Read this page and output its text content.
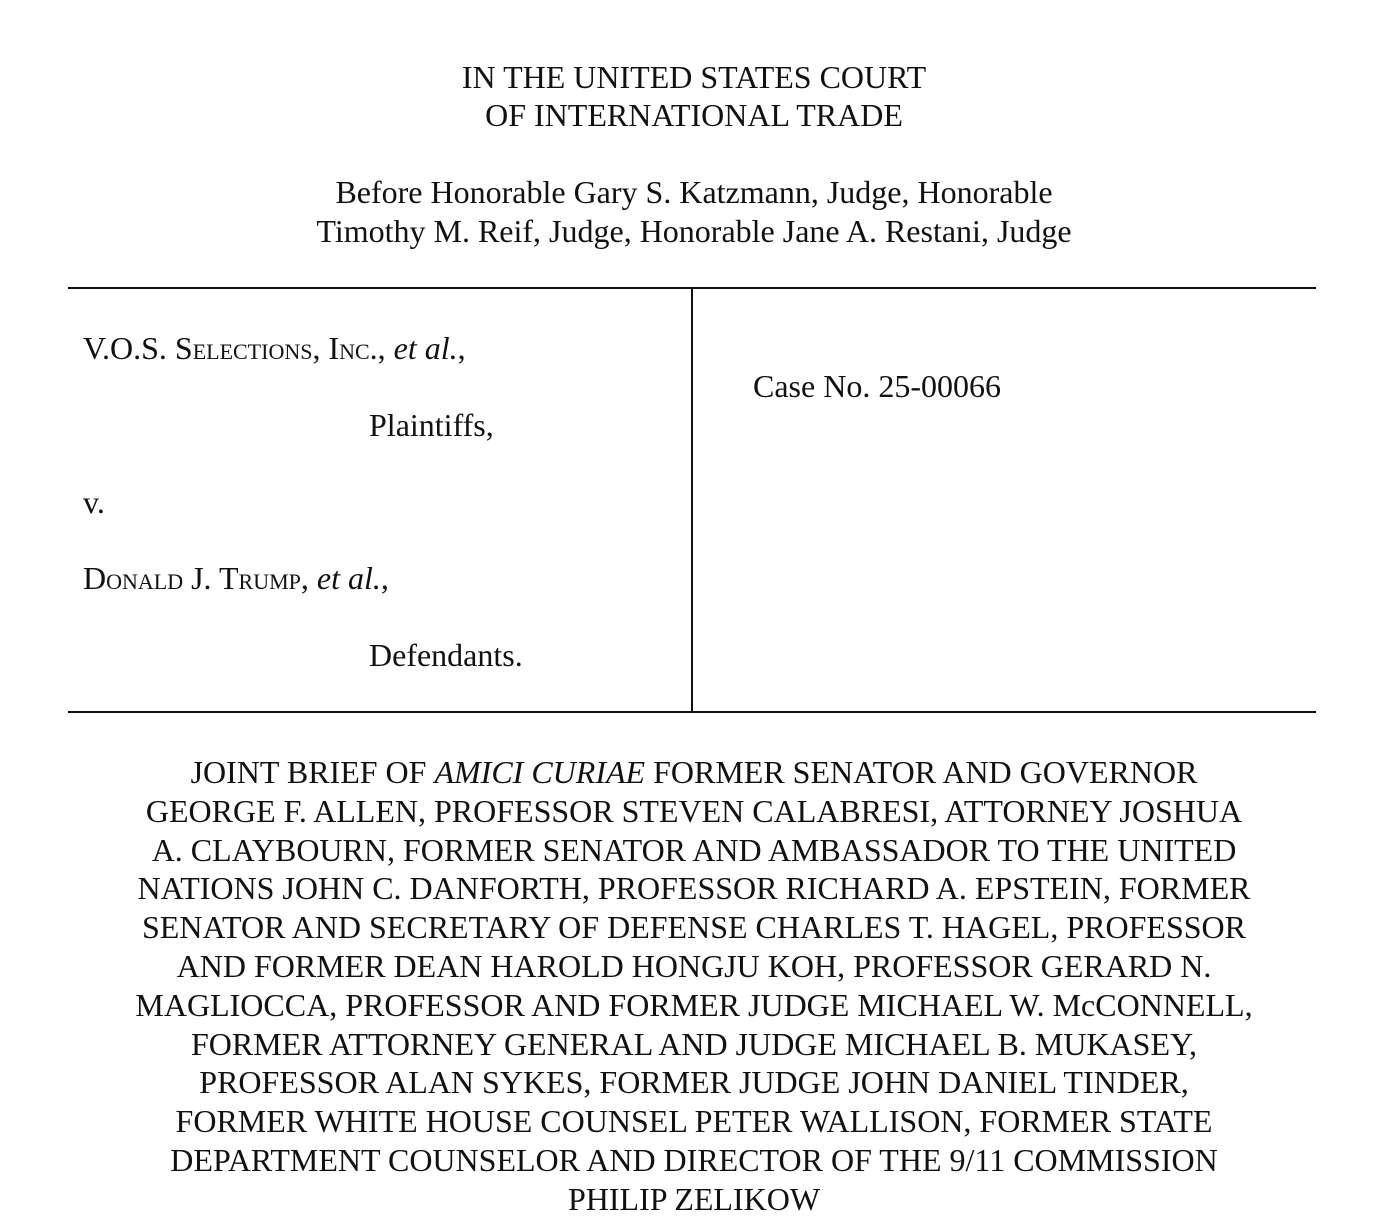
IN THE UNITED STATES COURT
OF INTERNATIONAL TRADE
Before Honorable Gary S. Katzmann, Judge, Honorable
Timothy M. Reif, Judge, Honorable Jane A. Restani, Judge
V.O.S. Selections, Inc., et al.,
Plaintiffs,
v.
Donald J. Trump, et al.,
Defendants.
Case No. 25-00066
JOINT BRIEF OF AMICI CURIAE FORMER SENATOR AND GOVERNOR
GEORGE F. ALLEN, PROFESSOR STEVEN CALABRESI, ATTORNEY JOSHUA
A. CLAYBOURN, FORMER SENATOR AND AMBASSADOR TO THE UNITED
NATIONS JOHN C. DANFORTH, PROFESSOR RICHARD A. EPSTEIN, FORMER
SENATOR AND SECRETARY OF DEFENSE CHARLES T. HAGEL, PROFESSOR
AND FORMER DEAN HAROLD HONGJU KOH, PROFESSOR GERARD N.
MAGLIOCCA, PROFESSOR AND FORMER JUDGE MICHAEL W. McCONNELL,
FORMER ATTORNEY GENERAL AND JUDGE MICHAEL B. MUKASEY,
PROFESSOR ALAN SYKES, FORMER JUDGE JOHN DANIEL TINDER,
FORMER WHITE HOUSE COUNSEL PETER WALLISON, FORMER STATE
DEPARTMENT COUNSELOR AND DIRECTOR OF THE 9/11 COMMISSION
PHILIP ZELIKOW
